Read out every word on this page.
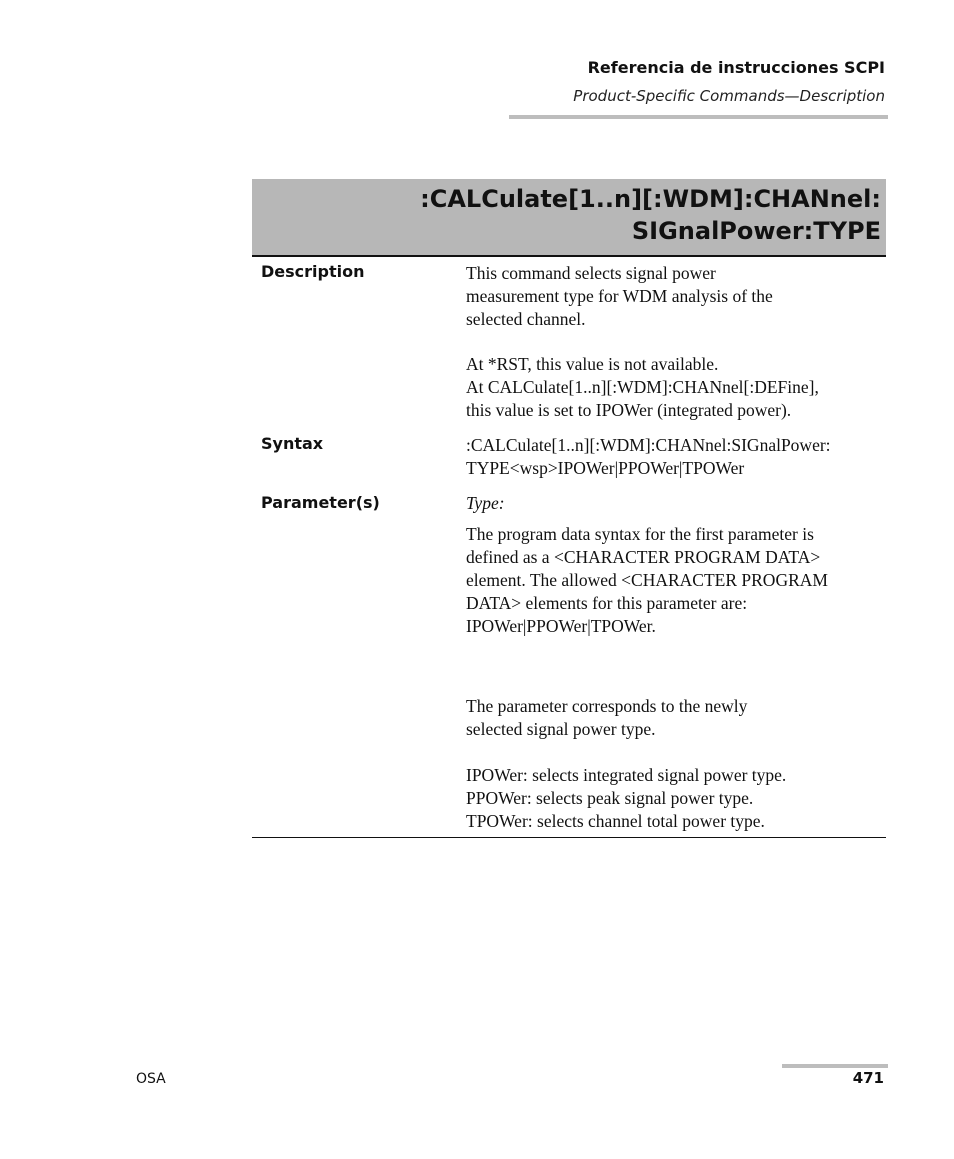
Referencia de instrucciones SCPI
Product-Specific Commands—Description
:CALCulate[1..n][:WDM]:CHANnel:
SIGnalPower:TYPE
Description	This command selects signal power
measurement type for WDM analysis of the
selected channel.
At *RST, this value is not available.
At CALCulate[1..n][:WDM]:CHANnel[:DEFine],
this value is set to IPOWer (integrated power).
Syntax	:CALCulate[1..n][:WDM]:CHANnel:SIGnalPower:
TYPE<wsp>IPOWer|PPOWer|TPOWer
Parameter(s)	Type:
The program data syntax for the first parameter is
defined as a <CHARACTER PROGRAM DATA>
element. The allowed <CHARACTER PROGRAM
DATA> elements for this parameter are:
IPOWer|PPOWer|TPOWer.
The parameter corresponds to the newly
selected signal power type.
IPOWer: selects integrated signal power type.
PPOWer: selects peak signal power type.
TPOWer: selects channel total power type.
OSA	471
